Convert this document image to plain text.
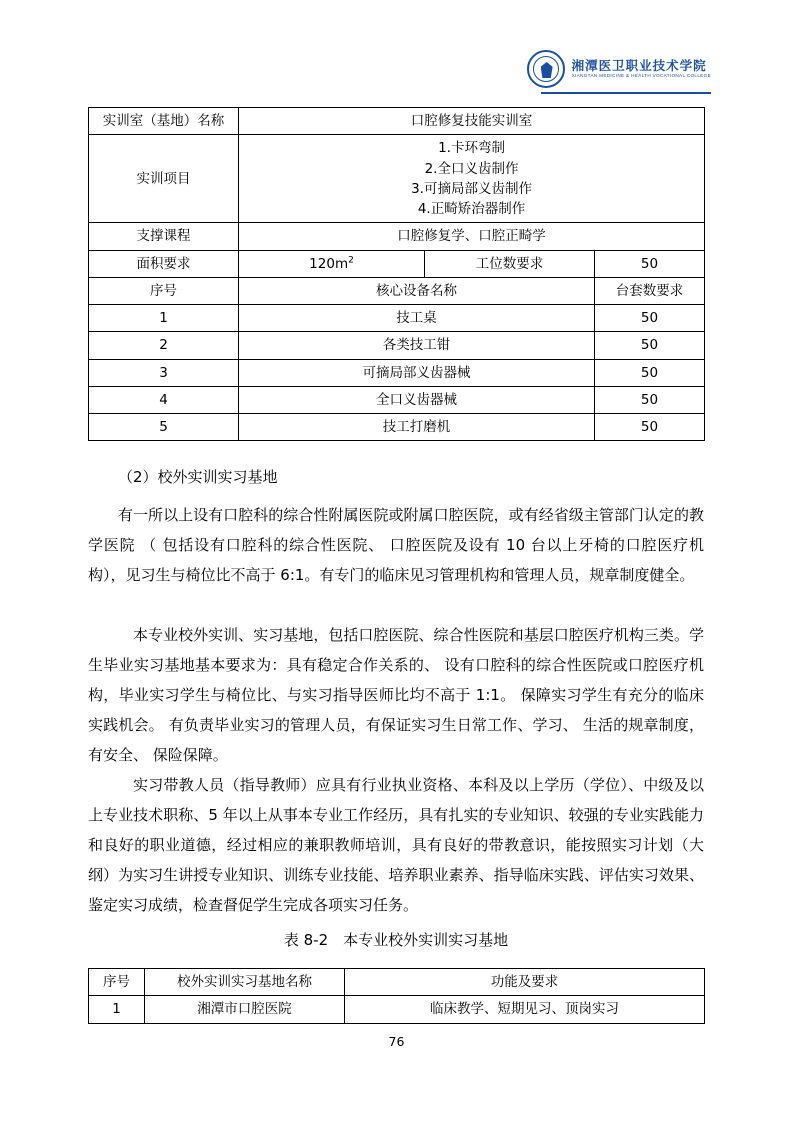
湘潭医卫职业技术学院
XIANGTAN MEDICINE & HEALTH VOCATIONAL COLLEGE
实训室（基地）名称	口腔修复技能实训室		
实训项目	1.卡环弯制
2.全口义齿制作
3.可摘局部义齿制作
4.正畸矫治器制作		

支撑课程	口腔修复学、口腔正畸学		
面积要求	$120m^2$	工位数要求	50
序号	核心设备名称		台套数要求
1	技工桌		50
2	各类技工钳		50
3	可摘局部义齿器械		50
4	全口义齿器械		50
5	技工打磨机		50
（2）校外实训实习基地
有一所以上设有口腔科的综合性附属医院或附属口腔医院，或有经省级主管部门认定的教学医院 （ 包括设有口腔科的综合性医院、 口腔医院及设有 10 台以上牙椅的口腔医疗机构），见习生与椅位比不高于 6:1。有专门的临床见习管理机构和管理人员，规章制度健全。
本专业校外实训、实习基地，包括口腔医院、综合性医院和基层口腔医疗机构三类。学生毕业实习基地基本要求为：具有稳定合作关系的、 设有口腔科的综合性医院或口腔医疗机构，毕业实习学生与椅位比、与实习指导医师比均不高于 1:1。 保障实习学生有充分的临床实践机会。 有负责毕业实习的管理人员，有保证实习生日常工作、学习、 生活的规章制度，有安全、 保险保障。
实习带教人员（指导教师）应具有行业执业资格、本科及以上学历（学位）、中级及以上专业技术职称、5 年以上从事本专业工作经历，具有扎实的专业知识、较强的专业实践能力和良好的职业道德，经过相应的兼职教师培训，具有良好的带教意识，能按照实习计划（大纲）为实习生讲授专业知识、训练专业技能、培养职业素养、指导临床实践、评估实习效果、鉴定实习成绩，检查督促学生完成各项实习任务。
表 8-2　本专业校外实训实习基地
序号	校外实训实习基地名称	功能及要求
1	湘潭市口腔医院	临床教学、短期见习、顶岗实习
76
